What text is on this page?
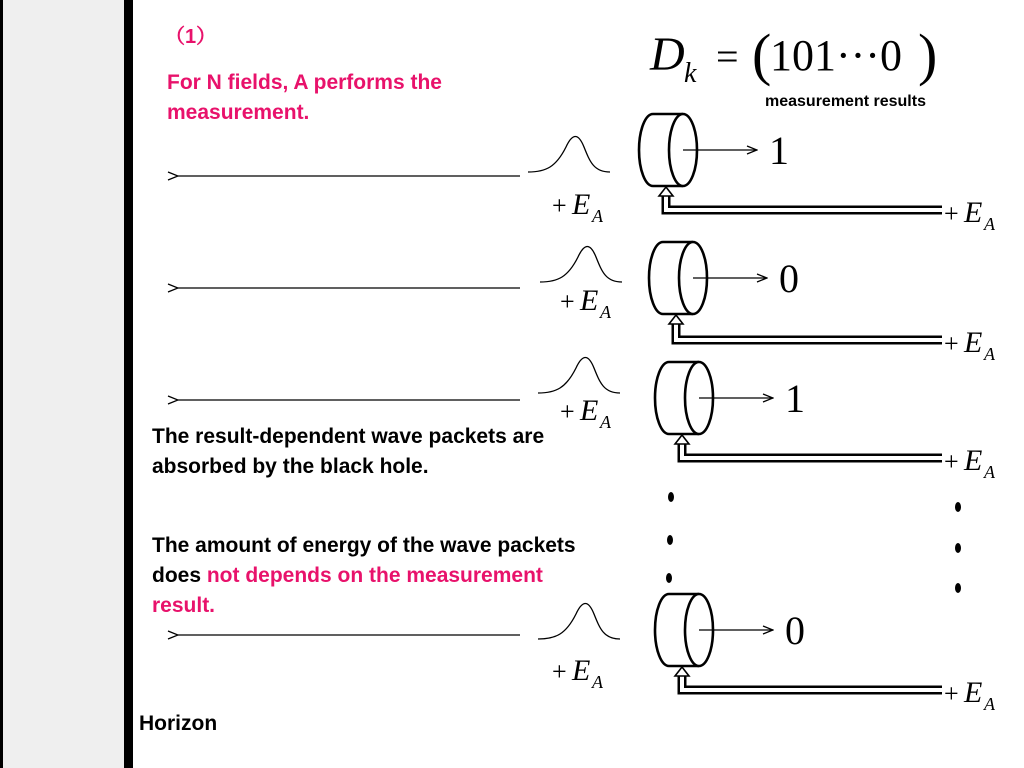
（1）
For N fields, A performs the measurement.
The result-dependent wave packets are absorbed by the black hole.
The amount of energy of the wave packets does not depends on the measurement result.
Horizon
measurement results
D k = (
101···0 )
1
+ E A	+ E A
0
+ E A
+ E A
1
+ E A
+ E A
0
+ E A	+ E A
